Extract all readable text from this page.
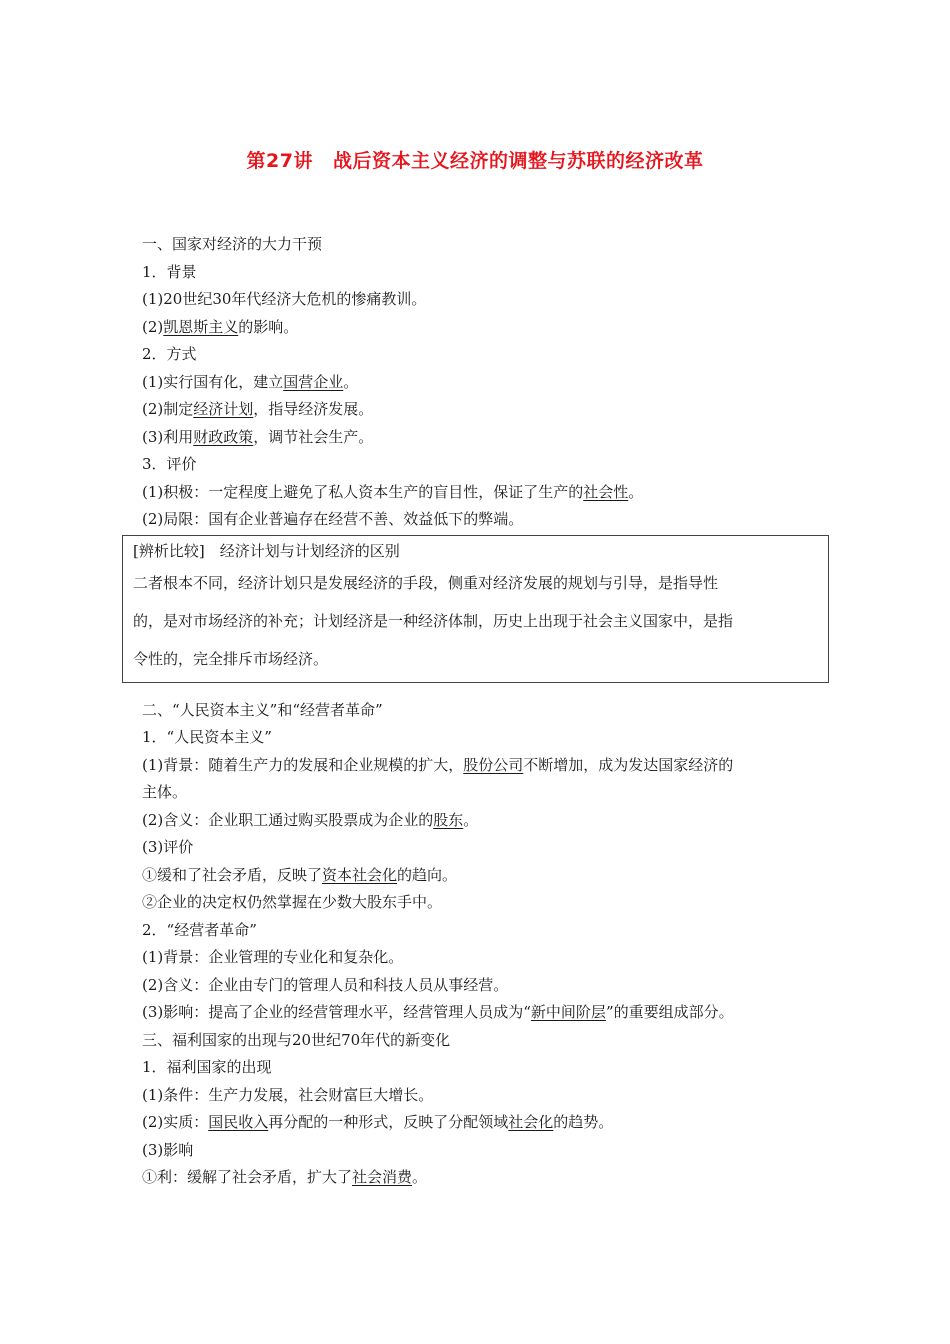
第27讲 战后资本主义经济的调整与苏联的经济改革
一、国家对经济的大力干预
1．背景
(1)20世纪30年代经济大危机的惨痛教训。
(2)凯恩斯主义的影响。
2．方式
(1)实行国有化，建立国营企业。
(2)制定经济计划，指导经济发展。
(3)利用财政政策，调节社会生产。
3．评价
(1)积极：一定程度上避免了私人资本生产的盲目性，保证了生产的社会性。
(2)局限：国有企业普遍存在经营不善、效益低下的弊端。
[辨析比较]　经济计划与计划经济的区别
二者根本不同，经济计划只是发展经济的手段，侧重对经济发展的规划与引导，是指导性
的，是对市场经济的补充；计划经济是一种经济体制，历史上出现于社会主义国家中，是指
令性的，完全排斥市场经济。
二、“人民资本主义”和“经营者革命”
1．“人民资本主义”
(1)背景：随着生产力的发展和企业规模的扩大，股份公司不断增加，成为发达国家经济的
主体。
(2)含义：企业职工通过购买股票成为企业的股东。
(3)评价
①缓和了社会矛盾，反映了资本社会化的趋向。
②企业的决定权仍然掌握在少数大股东手中。
2．“经营者革命”
(1)背景：企业管理的专业化和复杂化。
(2)含义：企业由专门的管理人员和科技人员从事经营。
(3)影响：提高了企业的经营管理水平，经营管理人员成为“新中间阶层”的重要组成部分。
三、福利国家的出现与20世纪70年代的新变化
1．福利国家的出现
(1)条件：生产力发展，社会财富巨大增长。
(2)实质：国民收入再分配的一种形式，反映了分配领域社会化的趋势。
(3)影响
①利：缓解了社会矛盾，扩大了社会消费。
